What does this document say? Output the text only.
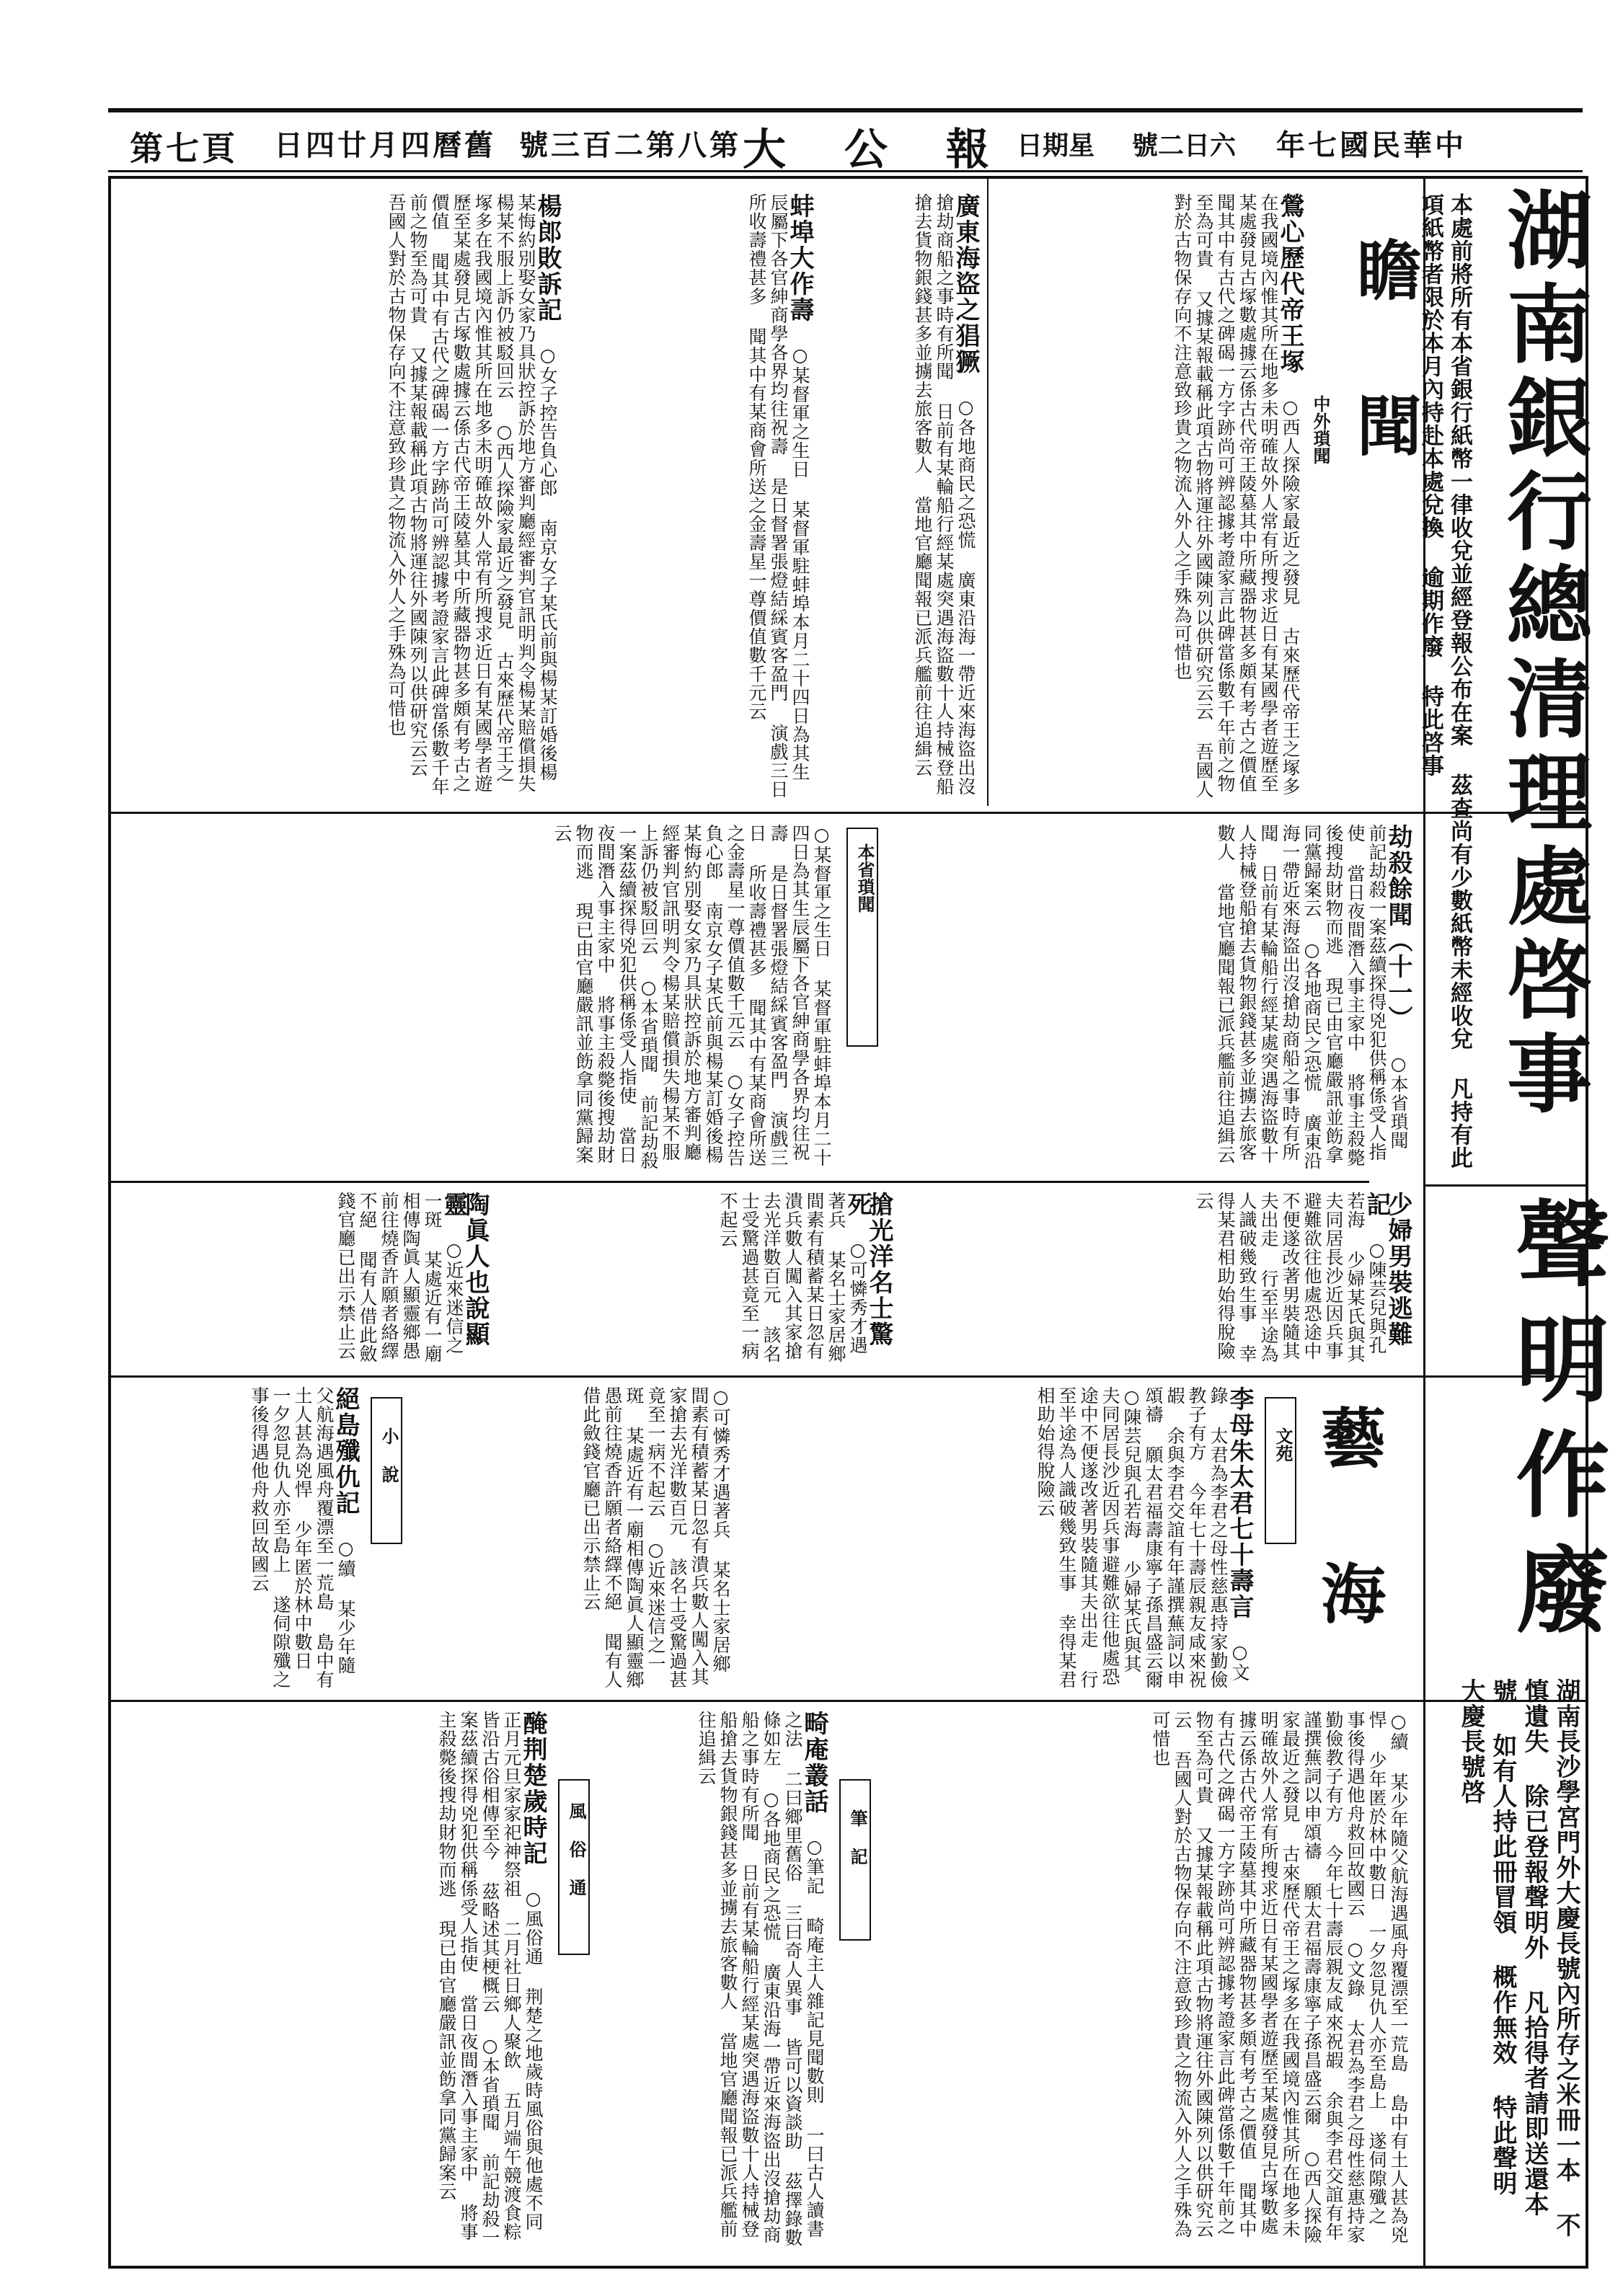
第七頁 日四廿月四曆舊 號三百二第八第 大 公 報 日期星 號二日六 年七國民華中
瞻 聞
中外瑣聞
鶯心歷代帝王塚 ○西人探險家最近之發見 古來歷代帝王之塚多在我國境內惟其所在地多未明確故外人常有所搜求近日有某國學者遊歷至某處發見古塚數處據云係古代帝王陵墓其中所藏器物甚多頗有考古之價值 聞其中有古代之碑碣一方字跡尚可辨認據考證家言此碑當係數千年前之物至為可貴 又據某報載稱此項古物將運往外國陳列以供研究云云 吾國人對於古物保存向不注意致珍貴之物流入外人之手殊為可惜也
廣東海盜之猖獗 ○各地商民之恐慌 廣東沿海一帶近來海盜出沒搶劫商船之事時有所聞 日前有某輪船行經某處突遇海盜數十人持械登船搶去貨物銀錢甚多並擄去旅客數人 當地官廳聞報已派兵艦前往追緝云
蚌埠大作壽 ○某督軍之生日 某督軍駐蚌埠本月二十四日為其生辰屬下各官紳商學各界均往祝壽 是日督署張燈結綵賓客盈門 演戲三日 所收壽禮甚多 聞其中有某商會所送之金壽星一尊價值數千元云
楊郎敗訴記 ○女子控告負心郎 南京女子某氏前與楊某訂婚後楊某悔約別娶女家乃具狀控訴於地方審判廳經審判官訊明判令楊某賠償損失楊某不服上訴仍被駁回云 ○西人探險家最近之發見 古來歷代帝王之塚多在我國境內惟其所在地多未明確故外人常有所搜求近日有某國學者遊歷至某處發見古塚數處據云係古代帝王陵墓其中所藏器物甚多頗有考古之價值 聞其中有古代之碑碣一方字跡尚可辨認據考證家言此碑當係數千年前之物至為可貴 又據某報載稱此項古物將運往外國陳列以供研究云云 吾國人對於古物保存向不注意致珍貴之物流入外人之手殊為可惜也
劫殺餘聞（十一） ○本省瑣聞 前記劫殺一案茲續探得兇犯供稱係受人指使 當日夜間潛入事主家中 將事主殺斃後搜劫財物而逃 現已由官廳嚴訊並飭拿同黨歸案云 ○各地商民之恐慌 廣東沿海一帶近來海盜出沒搶劫商船之事時有所聞 日前有某輪船行經某處突遇海盜數十人持械登船搶去貨物銀錢甚多並擄去旅客數人 當地官廳聞報已派兵艦前往追緝云
本省瑣聞
○某督軍之生日 某督軍駐蚌埠本月二十四日為其生辰屬下各官紳商學各界均往祝壽 是日督署張燈結綵賓客盈門 演戲三日 所收壽禮甚多 聞其中有某商會所送之金壽星一尊價值數千元云 ○女子控告負心郎 南京女子某氏前與楊某訂婚後楊某悔約別娶女家乃具狀控訴於地方審判廳經審判官訊明判令楊某賠償損失楊某不服上訴仍被駁回云 ○本省瑣聞 前記劫殺一案茲續探得兇犯供稱係受人指使 當日夜間潛入事主家中 將事主殺斃後搜劫財物而逃 現已由官廳嚴訊並飭拿同黨歸案云
少婦男裝逃難記 ○陳芸兒與孔若海 少婦某氏與其夫同居長沙近因兵事避難欲往他處恐途中不便遂改著男裝隨其夫出走 行至半途為人識破幾致生事 幸得某君相助始得脫險云
搶光洋名士驚死 ○可憐秀才遇著兵 某名士家居鄉間素有積蓄某日忽有潰兵數人闖入其家搶去光洋數百元 該名士受驚過甚竟至一病不起云
陶眞人也說顯靈 ○近來迷信之一斑 某處近有一廟相傳陶眞人顯靈鄉愚前往燒香許願者絡繹不絕 聞有人借此斂錢官廳已出示禁止云
藝 海
文苑
李母朱太君七十壽言 ○文錄 太君為李君之母性慈惠持家勤儉教子有方 今年七十壽辰親友咸來祝嘏 余與李君交誼有年謹撰蕪詞以申頌禱 願太君福壽康寧子孫昌盛云爾 ○陳芸兒與孔若海 少婦某氏與其夫同居長沙近因兵事避難欲往他處恐途中不便遂改著男裝隨其夫出走 行至半途為人識破幾致生事 幸得某君相助始得脫險云
小 說	○可憐秀才遇著兵 某名士家居鄉間素有積蓄某日忽有潰兵數人闖入其家搶去光洋數百元 該名士受驚過甚竟至一病不起云 ○近來迷信之一斑 某處近有一廟相傳陶眞人顯靈鄉愚前往燒香許願者絡繹不絕 聞有人借此斂錢官廳已出示禁止云
絕島殲仇記 ○續 某少年隨父航海遇風舟覆漂至一荒島 島中有土人甚為兇悍 少年匿於林中數日 一夕忽見仇人亦至島上 遂伺隙殲之 事後得遇他舟救回故國云
○續 某少年隨父航海遇風舟覆漂至一荒島 島中有土人甚為兇悍 少年匿於林中數日 一夕忽見仇人亦至島上 遂伺隙殲之 事後得遇他舟救回故國云 ○文錄 太君為李君之母性慈惠持家勤儉教子有方 今年七十壽辰親友咸來祝嘏 余與李君交誼有年謹撰蕪詞以申頌禱 願太君福壽康寧子孫昌盛云爾 ○西人探險家最近之發見 古來歷代帝王之塚多在我國境內惟其所在地多未明確故外人常有所搜求近日有某國學者遊歷至某處發見古塚數處據云係古代帝王陵墓其中所藏器物甚多頗有考古之價值 聞其中有古代之碑碣一方字跡尚可辨認據考證家言此碑當係數千年前之物至為可貴 又據某報載稱此項古物將運往外國陳列以供研究云云 吾國人對於古物保存向不注意致珍貴之物流入外人之手殊為可惜也
筆 記
畸庵叢話 ○筆記 畸庵主人雜記見聞數則 一曰古人讀書之法 二曰鄉里舊俗 三曰奇人異事 皆可以資談助 茲擇錄數條如左 ○各地商民之恐慌 廣東沿海一帶近來海盜出沒搶劫商船之事時有所聞 日前有某輪船行經某處突遇海盜數十人持械登船搶去貨物銀錢甚多並擄去旅客數人 當地官廳聞報已派兵艦前往追緝云
風 俗 通
醃荆楚歲時記 ○風俗通 荆楚之地歲時風俗與他處不同 正月元旦家家祀神祭祖 二月社日鄉人聚飲 五月端午競渡食粽 皆沿古俗相傳至今 茲略述其梗概云 ○本省瑣聞 前記劫殺一案茲續探得兇犯供稱係受人指使 當日夜間潛入事主家中 將事主殺斃後搜劫財物而逃 現已由官廳嚴訊並飭拿同黨歸案云
湖南銀行總清理處啓事
本處前將所有本省銀行紙幣一律收兌並經登報公布在案 茲查尚有少數紙幣未經收兌 凡持有此項紙幣者限於本月內持赴本處兌換 逾期作廢 特此啓事
聲明作廢
湖南長沙學宮門外大慶長號內所存之米冊一本 不慎遺失 除已登報聲明外 凡拾得者請即送還本號 如有人持此冊冒領 概作無效 特此聲明 大慶長號啓
